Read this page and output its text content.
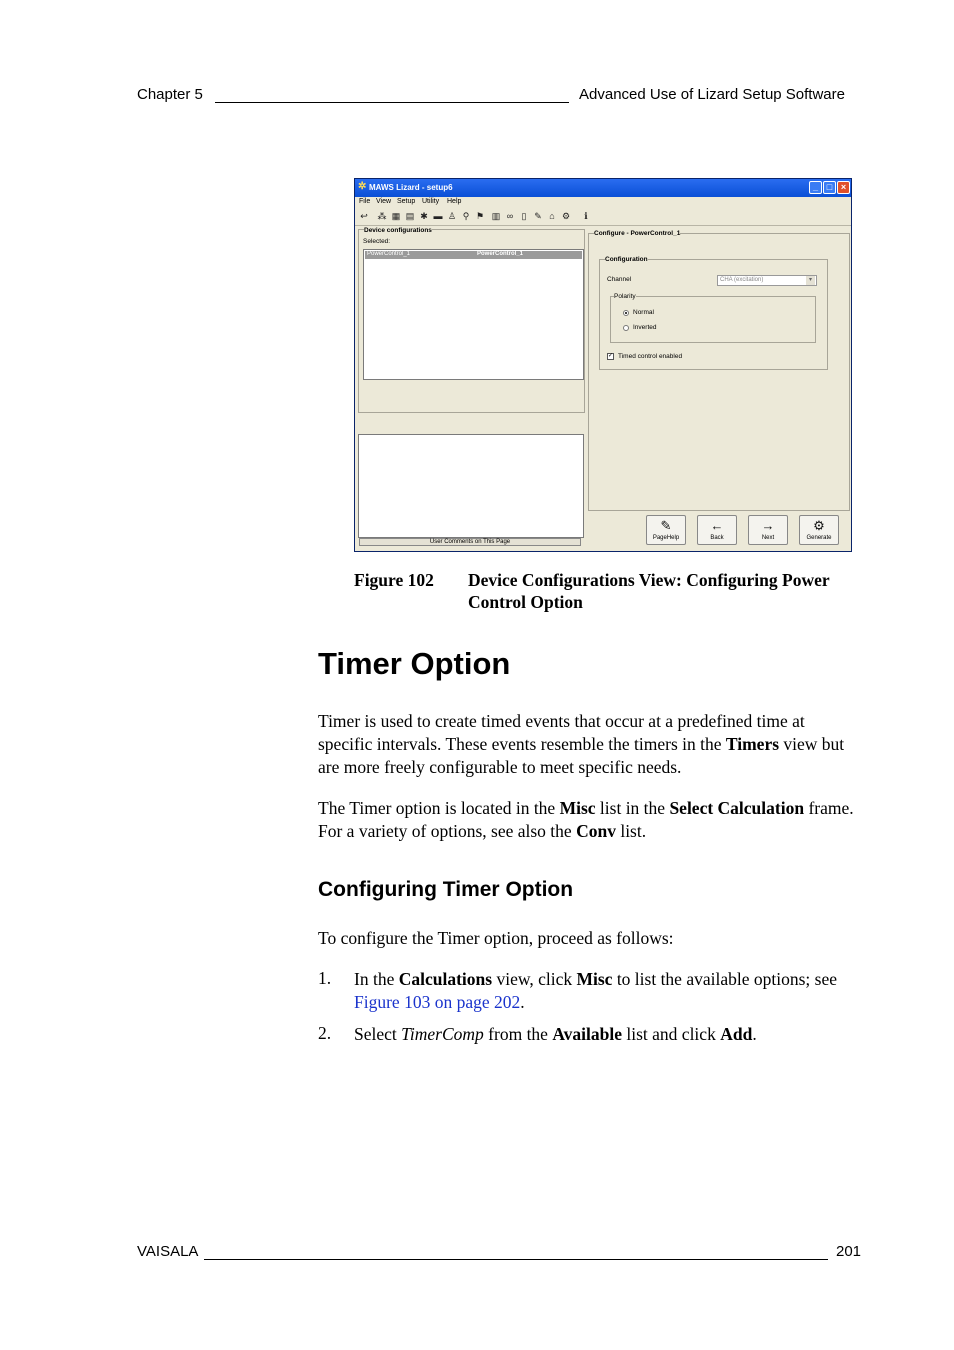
Chapter 5	Advanced Use of Lizard Setup Software
✲ MAWS Lizard - setup6	_ □ ×
File View Setup Utility Help
↩ ⁂ ▦ ▤ ✱ ▬ ♙ ⚲ ⚑ ▥ ∞ ▯ ✎ ⌂ ⚙	ℹ
Device configurations
Selected:
PowerControl_1	PowerControl_1
User Comments on This Page
Configure - PowerControl_1
Configuration
Channel	CHA (excitation)	▾
Polarity
Normal
Inverted
✓ Timed control enabled
✎
PageHelp
←
Back
→
Next
⚙
Generate
Figure 102 Device Configurations View: Configuring Power
Control Option
Timer Option

Timer is used to create timed events that occur at a predefined time at specific intervals. These events resemble the timers in the Timers view but are more freely configurable to meet specific needs.

The Timer option is located in the Misc list in the Select Calculation frame. For a variety of options, see also the Conv list.

Configuring Timer Option

To configure the Timer option, proceed as follows:

1. In the Calculations view, click Misc to list the available options; see Figure 103 on page 202.
2. Select TimerComp from the Available list and click Add.
VAISALA	201
